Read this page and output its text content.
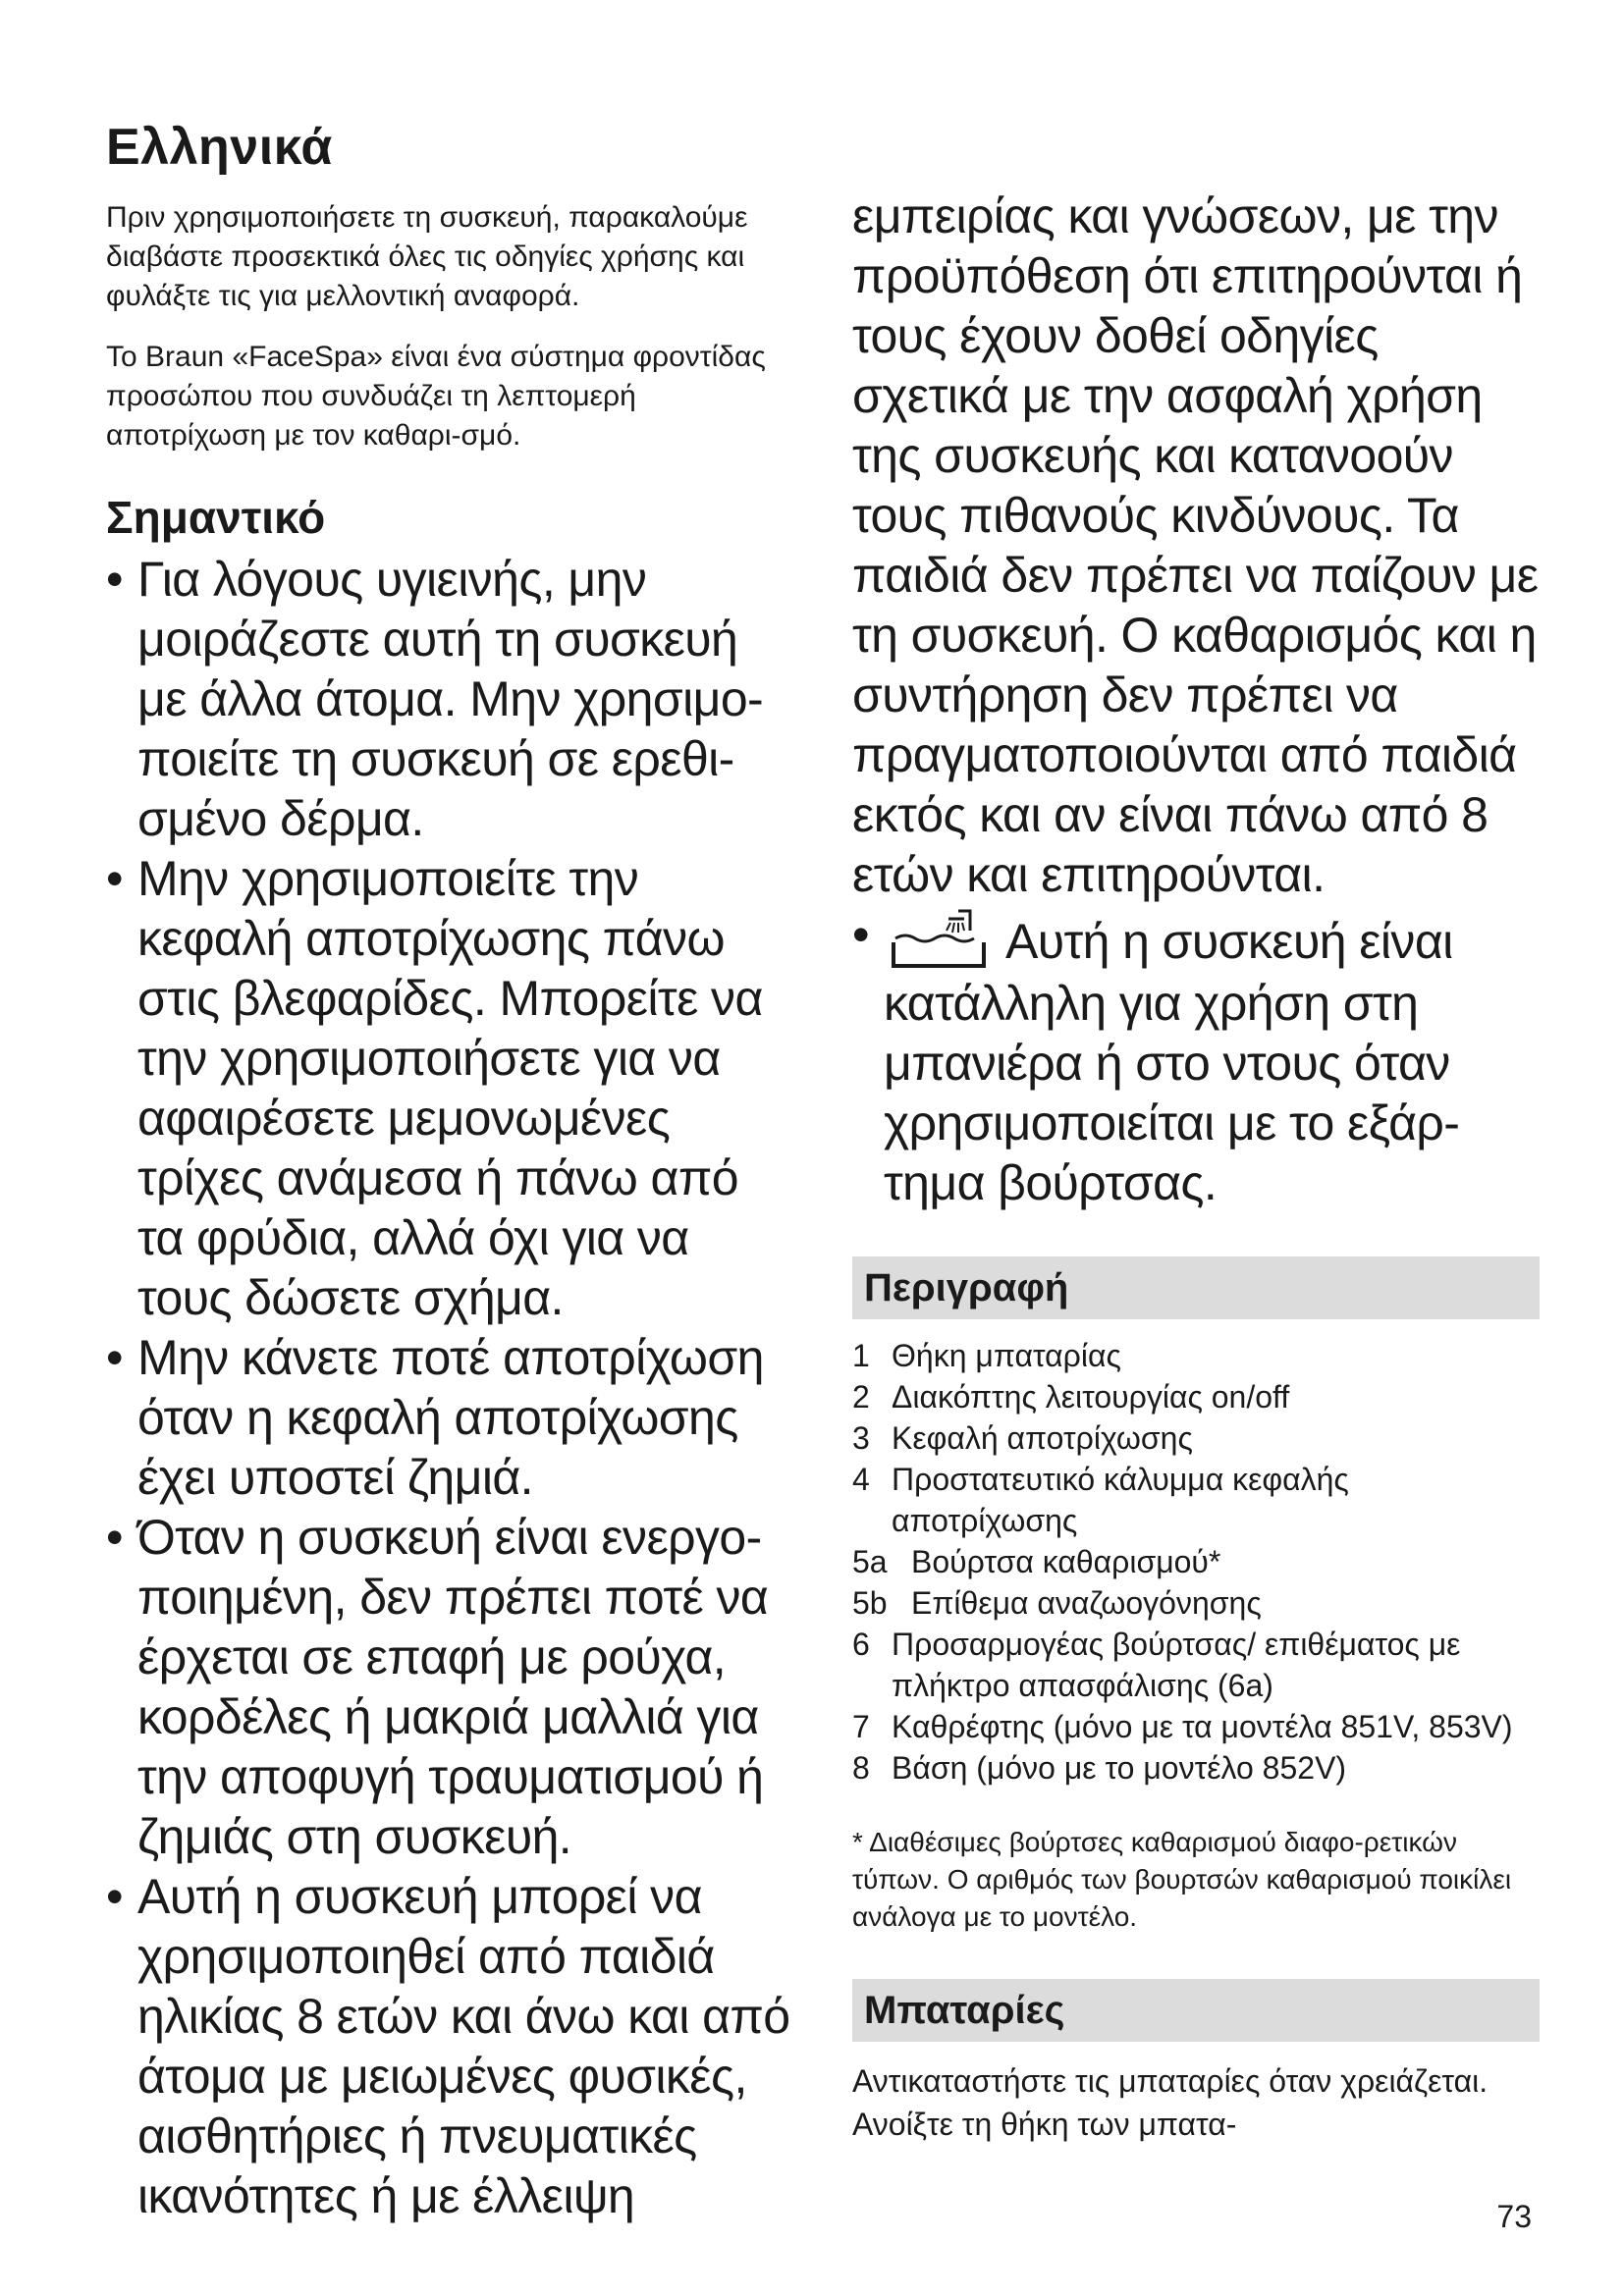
Ελληνικά

Πριν χρησιμοποιήσετε τη συσκευή, παρακαλούμε διαβάστε προσεκτικά όλες τις οδηγίες χρήσης και φυλάξτε τις για μελλοντική αναφορά.

Το Braun «FaceSpa» είναι ένα σύστημα φροντίδας προσώπου που συνδυάζει τη λεπτομερή αποτρίχωση με τον καθαρι-σμό.

Σημαντικό
• Για λόγους υγιεινής, μην μοιράζεστε αυτή τη συσκευή με άλλα άτομα. Μην χρησιμο-ποιείτε τη συσκευή σε ερεθι-σμένο δέρμα.
• Μην χρησιμοποιείτε την κεφαλή αποτρίχωσης πάνω στις βλεφαρίδες. Μπορείτε να την χρησιμοποιήσετε για να αφαιρέσετε μεμονωμένες τρίχες ανάμεσα ή πάνω από τα φρύδια, αλλά όχι για να τους δώσετε σχήμα.
• Μην κάνετε ποτέ αποτρίχωση όταν η κεφαλή αποτρίχωσης έχει υποστεί ζημιά.
• Όταν η συσκευή είναι ενεργο-ποιημένη, δεν πρέπει ποτέ να έρχεται σε επαφή με ρούχα, κορδέλες ή μακριά μαλλιά για την αποφυγή τραυματισμού ή ζημιάς στη συσκευή.
• Αυτή η συσκευή μπορεί να χρησιμοποιηθεί από παιδιά ηλικίας 8 ετών και άνω και από άτομα με μειωμένες φυσικές, αισθητήριες ή πνευματικές ικανότητες ή με έλλειψη

εμπειρίας και γνώσεων, με την προϋπόθεση ότι επιτηρούνται ή τους έχουν δοθεί οδηγίες σχετικά με την ασφαλή χρήση της συσκευής και κατανοούν τους πιθανούς κινδύνους. Τα παιδιά δεν πρέπει να παίζουν με τη συσκευή. Ο καθαρισμός και η συντήρηση δεν πρέπει να πραγματοποιούνται από παιδιά εκτός και αν είναι πάνω από 8 ετών και επιτηρούνται.

• Αυτή η συσκευή είναι κατάλληλη για χρήση στη μπανιέρα ή στο ντους όταν χρησιμοποιείται με το εξάρ-τημα βούρτσας.
Περιγραφή
1 Θήκη μπαταρίας
2 Διακόπτης λειτουργίας on/off
3 Κεφαλή αποτρίχωσης
4 Προστατευτικό κάλυμμα κεφαλής αποτρίχωσης
5a Βούρτσα καθαρισμού*
5b Επίθεμα αναζωογόνησης
6 Προσαρμογέας βούρτσας/ επιθέματος με πλήκτρο απασφάλισης (6a)
7 Καθρέφτης (μόνο με τα μοντέλα 851V, 853V)
8 Βάση (μόνο με το μοντέλο 852V)

* Διαθέσιμες βούρτσες καθαρισμού διαφο-ρετικών τύπων. Ο αριθμός των βουρτσών καθαρισμού ποικίλει ανάλογα με το μοντέλο.

Μπαταρίες

Αντικαταστήστε τις μπαταρίες όταν χρειάζεται. Ανοίξτε τη θήκη των μπατα-

73
